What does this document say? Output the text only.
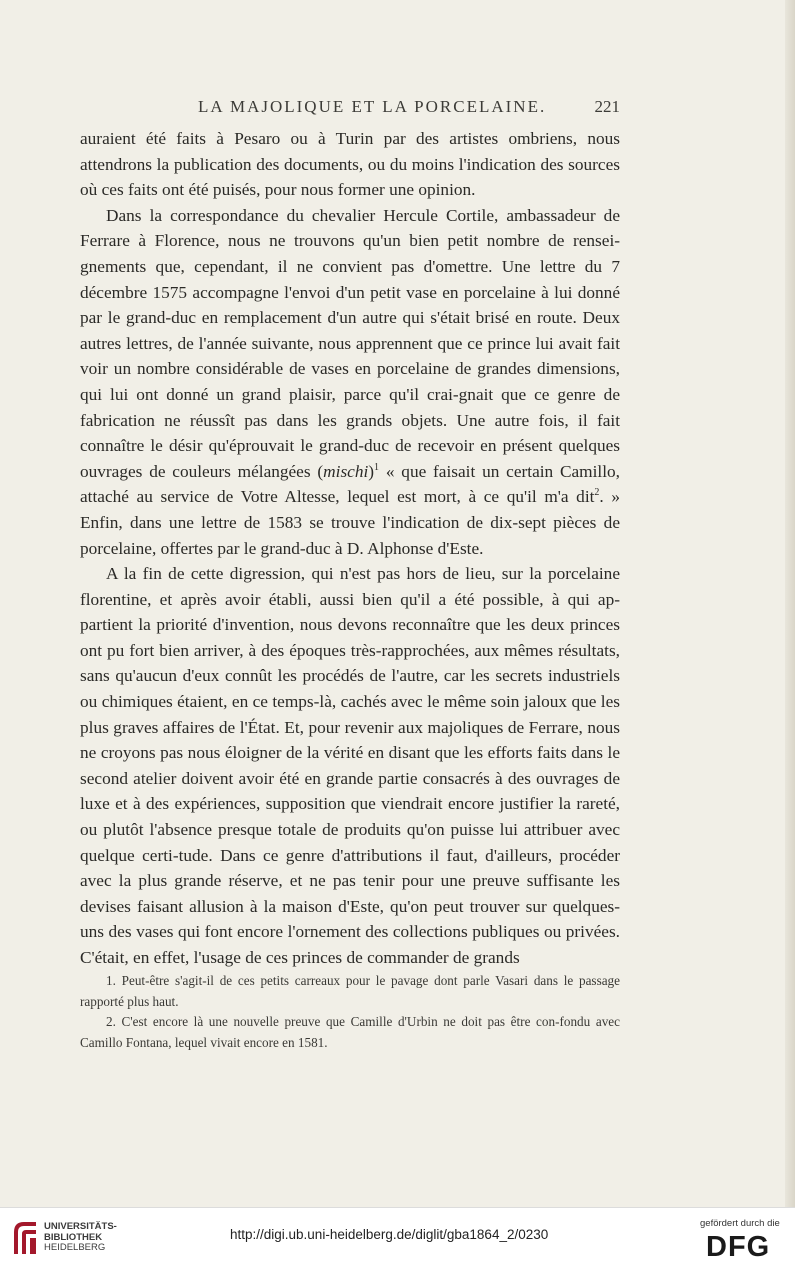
LA MAJOLIQUE ET LA PORCELAINE.	221

auraient été faits à Pesaro ou à Turin par des artistes ombriens, nous attendrons la publication des documents, ou du moins l'indication des sources où ces faits ont été puisés, pour nous former une opinion.

Dans la correspondance du chevalier Hercule Cortile, ambassadeur de Ferrare à Florence, nous ne trouvons qu'un bien petit nombre de rensei-gnements que, cependant, il ne convient pas d'omettre. Une lettre du 7 décembre 1575 accompagne l'envoi d'un petit vase en porcelaine à lui donné par le grand-duc en remplacement d'un autre qui s'était brisé en route. Deux autres lettres, de l'année suivante, nous apprennent que ce prince lui avait fait voir un nombre considérable de vases en porcelaine de grandes dimensions, qui lui ont donné un grand plaisir, parce qu'il crai-gnait que ce genre de fabrication ne réussît pas dans les grands objets. Une autre fois, il fait connaître le désir qu'éprouvait le grand-duc de recevoir en présent quelques ouvrages de couleurs mélangées (mischi)$^1$ « que faisait un certain Camillo, attaché au service de Votre Altesse, lequel est mort, à ce qu'il m'a dit$^2$. » Enfin, dans une lettre de 1583 se trouve l'indication de dix-sept pièces de porcelaine, offertes par le grand-duc à D. Alphonse d'Este.

A la fin de cette digression, qui n'est pas hors de lieu, sur la porcelaine florentine, et après avoir établi, aussi bien qu'il a été possible, à qui ap-partient la priorité d'invention, nous devons reconnaître que les deux princes ont pu fort bien arriver, à des époques très-rapprochées, aux mêmes résultats, sans qu'aucun d'eux connût les procédés de l'autre, car les secrets industriels ou chimiques étaient, en ce temps-là, cachés avec le même soin jaloux que les plus graves affaires de l'État. Et, pour revenir aux majoliques de Ferrare, nous ne croyons pas nous éloigner de la vérité en disant que les efforts faits dans le second atelier doivent avoir été en grande partie consacrés à des ouvrages de luxe et à des expériences, supposition que viendrait encore justifier la rareté, ou plutôt l'absence presque totale de produits qu'on puisse lui attribuer avec quelque certi-tude. Dans ce genre d'attributions il faut, d'ailleurs, procéder avec la plus grande réserve, et ne pas tenir pour une preuve suffisante les devises faisant allusion à la maison d'Este, qu'on peut trouver sur quelques-uns des vases qui font encore l'ornement des collections publiques ou privées. C'était, en effet, l'usage de ces princes de commander de grands

1. Peut-être s'agit-il de ces petits carreaux pour le pavage dont parle Vasari dans le passage rapporté plus haut.

2. C'est encore là une nouvelle preuve que Camille d'Urbin ne doit pas être con-fondu avec Camillo Fontana, lequel vivait encore en 1581.

UNIVERSITÄTS-
BIBLIOTHEK
HEIDELBERG
http://digi.ub.uni-heidelberg.de/diglit/gba1864_2/0230
gefördert durch die
DFG
